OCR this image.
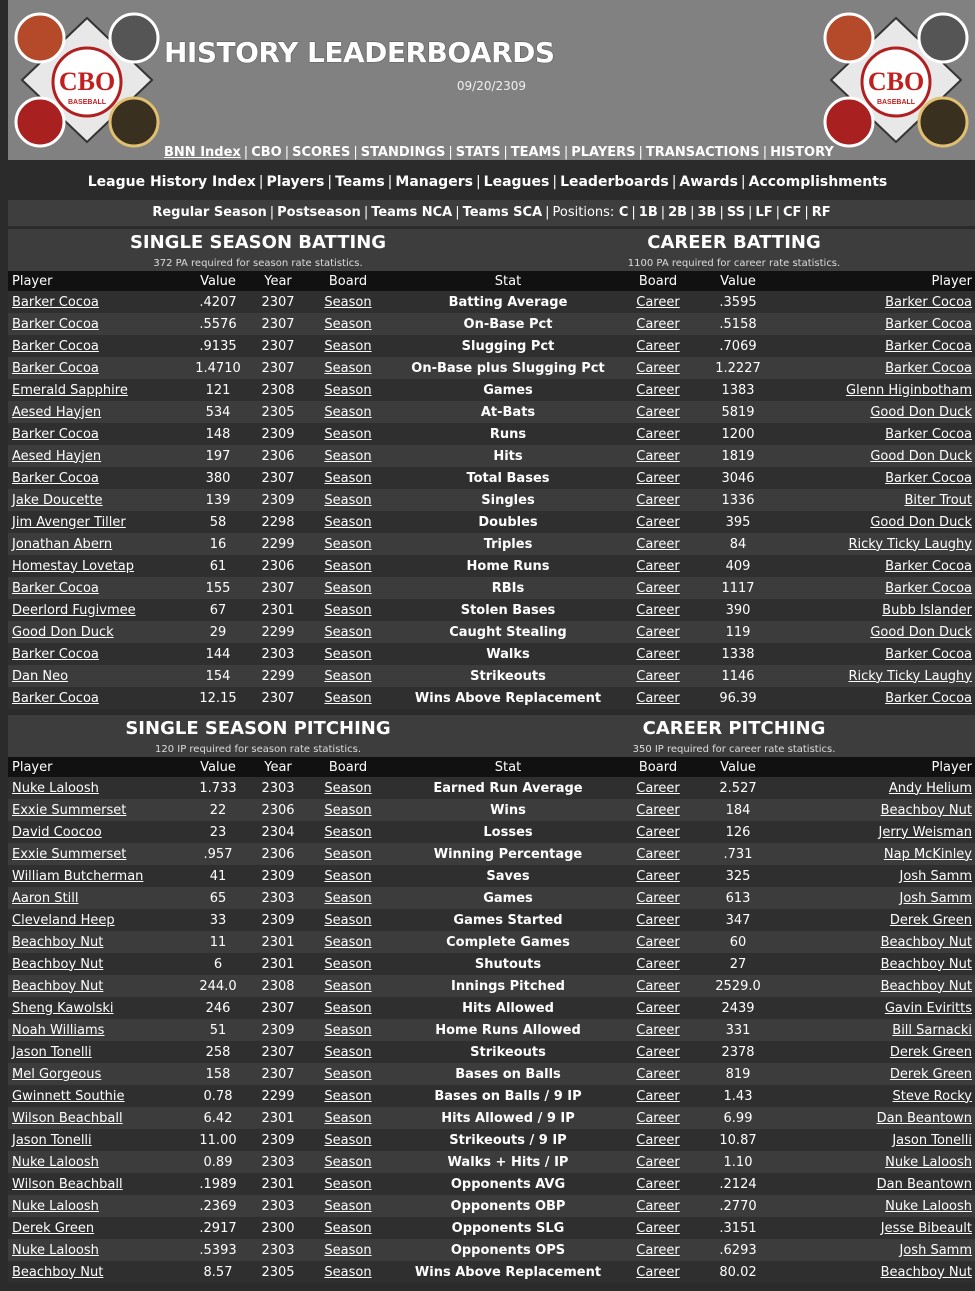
CBO
BASEBALL
HISTORY LEADERBOARDS
09/20/2309
BNN Index | CBO | SCORES | STANDINGS | STATS | TEAMS | PLAYERS | TRANSACTIONS | HISTORY
CBO
BASEBALL
League History Index | Players | Teams | Managers | Leagues | Leaderboards | Awards | Accomplishments
Regular Season | Postseason | Teams NCA | Teams SCA | Positions: C | 1B | 2B | 3B | SS | LF | CF | RF
SINGLE SEASON BATTING
372 PA required for season rate statistics.
CAREER BATTING
1100 PA required for career rate statistics.
Player	Value	Year	Board	Stat	Board	Value	Player
Barker Cocoa	.4207	2307	Season	Batting Average	Career	.3595	Barker Cocoa
Barker Cocoa	.5576	2307	Season	On-Base Pct	Career	.5158	Barker Cocoa
Barker Cocoa	.9135	2307	Season	Slugging Pct	Career	.7069	Barker Cocoa
Barker Cocoa	1.4710	2307	Season	On-Base plus Slugging Pct	Career	1.2227	Barker Cocoa
Emerald Sapphire	121	2308	Season	Games	Career	1383	Glenn Higinbotham
Aesed Hayjen	534	2305	Season	At-Bats	Career	5819	Good Don Duck
Barker Cocoa	148	2309	Season	Runs	Career	1200	Barker Cocoa
Aesed Hayjen	197	2306	Season	Hits	Career	1819	Good Don Duck
Barker Cocoa	380	2307	Season	Total Bases	Career	3046	Barker Cocoa
Jake Doucette	139	2309	Season	Singles	Career	1336	Biter Trout
Jim Avenger Tiller	58	2298	Season	Doubles	Career	395	Good Don Duck
Jonathan Abern	16	2299	Season	Triples	Career	84	Ricky Ticky Laughy
Homestay Lovetap	61	2306	Season	Home Runs	Career	409	Barker Cocoa
Barker Cocoa	155	2307	Season	RBIs	Career	1117	Barker Cocoa
Deerlord Fugivmee	67	2301	Season	Stolen Bases	Career	390	Bubb Islander
Good Don Duck	29	2299	Season	Caught Stealing	Career	119	Good Don Duck
Barker Cocoa	144	2303	Season	Walks	Career	1338	Barker Cocoa
Dan Neo	154	2299	Season	Strikeouts	Career	1146	Ricky Ticky Laughy
Barker Cocoa	12.15	2307	Season	Wins Above Replacement	Career	96.39	Barker Cocoa
SINGLE SEASON PITCHING
120 IP required for season rate statistics.
CAREER PITCHING
350 IP required for career rate statistics.
Player	Value	Year	Board	Stat	Board	Value	Player
Nuke Laloosh	1.733	2303	Season	Earned Run Average	Career	2.527	Andy Helium
Exxie Summerset	22	2306	Season	Wins	Career	184	Beachboy Nut
David Coocoo	23	2304	Season	Losses	Career	126	Jerry Weisman
Exxie Summerset	.957	2306	Season	Winning Percentage	Career	.731	Nap McKinley
William Butcherman	41	2309	Season	Saves	Career	325	Josh Samm
Aaron Still	65	2303	Season	Games	Career	613	Josh Samm
Cleveland Heep	33	2309	Season	Games Started	Career	347	Derek Green
Beachboy Nut	11	2301	Season	Complete Games	Career	60	Beachboy Nut
Beachboy Nut	6	2301	Season	Shutouts	Career	27	Beachboy Nut
Beachboy Nut	244.0	2308	Season	Innings Pitched	Career	2529.0	Beachboy Nut
Sheng Kawolski	246	2307	Season	Hits Allowed	Career	2439	Gavin Eviritts
Noah Williams	51	2309	Season	Home Runs Allowed	Career	331	Bill Sarnacki
Jason Tonelli	258	2307	Season	Strikeouts	Career	2378	Derek Green
Mel Gorgeous	158	2307	Season	Bases on Balls	Career	819	Derek Green
Gwinnett Southie	0.78	2299	Season	Bases on Balls / 9 IP	Career	1.43	Steve Rocky
Wilson Beachball	6.42	2301	Season	Hits Allowed / 9 IP	Career	6.99	Dan Beantown
Jason Tonelli	11.00	2309	Season	Strikeouts / 9 IP	Career	10.87	Jason Tonelli
Nuke Laloosh	0.89	2303	Season	Walks + Hits / IP	Career	1.10	Nuke Laloosh
Wilson Beachball	.1989	2301	Season	Opponents AVG	Career	.2124	Dan Beantown
Nuke Laloosh	.2369	2303	Season	Opponents OBP	Career	.2770	Nuke Laloosh
Derek Green	.2917	2300	Season	Opponents SLG	Career	.3151	Jesse Bibeault
Nuke Laloosh	.5393	2303	Season	Opponents OPS	Career	.6293	Josh Samm
Beachboy Nut	8.57	2305	Season	Wins Above Replacement	Career	80.02	Beachboy Nut
